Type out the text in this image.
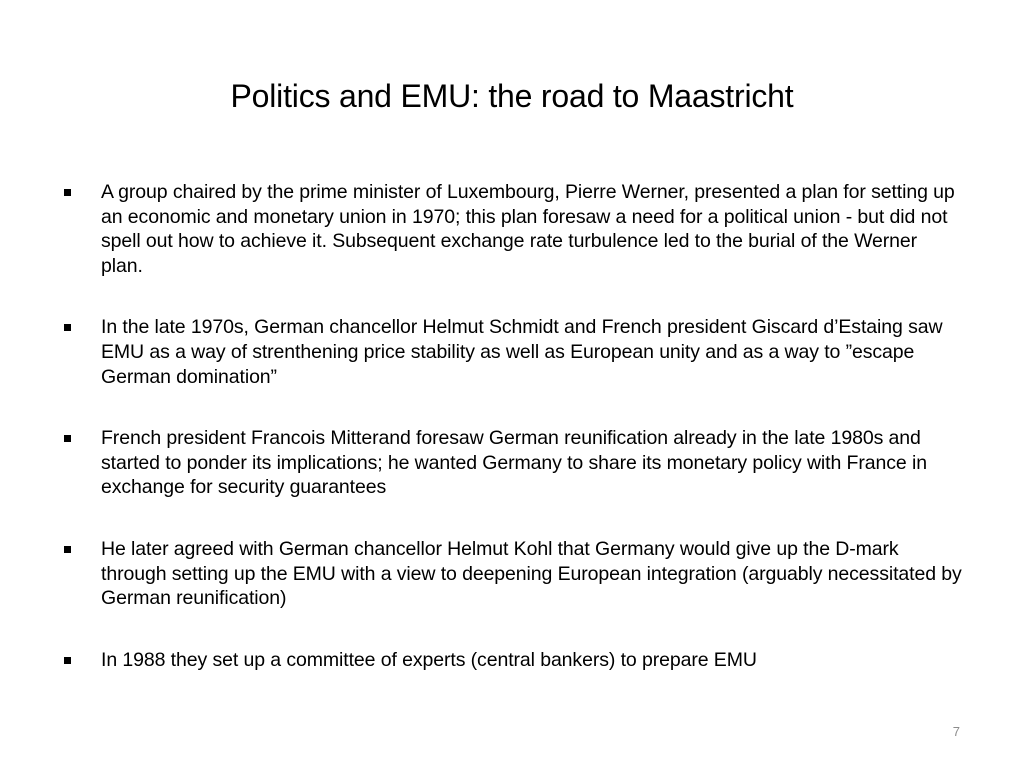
Politics and EMU: the road to Maastricht
A group chaired by the prime minister of Luxembourg, Pierre Werner, presented a plan for setting up an economic and monetary union in 1970; this plan foresaw a need for a political union - but did not spell out how to achieve it. Subsequent exchange rate turbulence led to the burial of the Werner plan.
In the late 1970s, German chancellor Helmut Schmidt and French president Giscard d’Estaing saw EMU as a way of strenthening price stability as well as European unity and as a way to ”escape German domination”
French president Francois Mitterand foresaw German reunification already in the late 1980s and started to ponder its implications; he wanted Germany to share its monetary policy with France in exchange for security guarantees
He later agreed with German chancellor Helmut Kohl that Germany would give up the D-mark through setting up the EMU with a view to deepening European integration (arguably necessitated by German reunification)
In 1988 they set up a committee of experts (central bankers) to prepare EMU
7
